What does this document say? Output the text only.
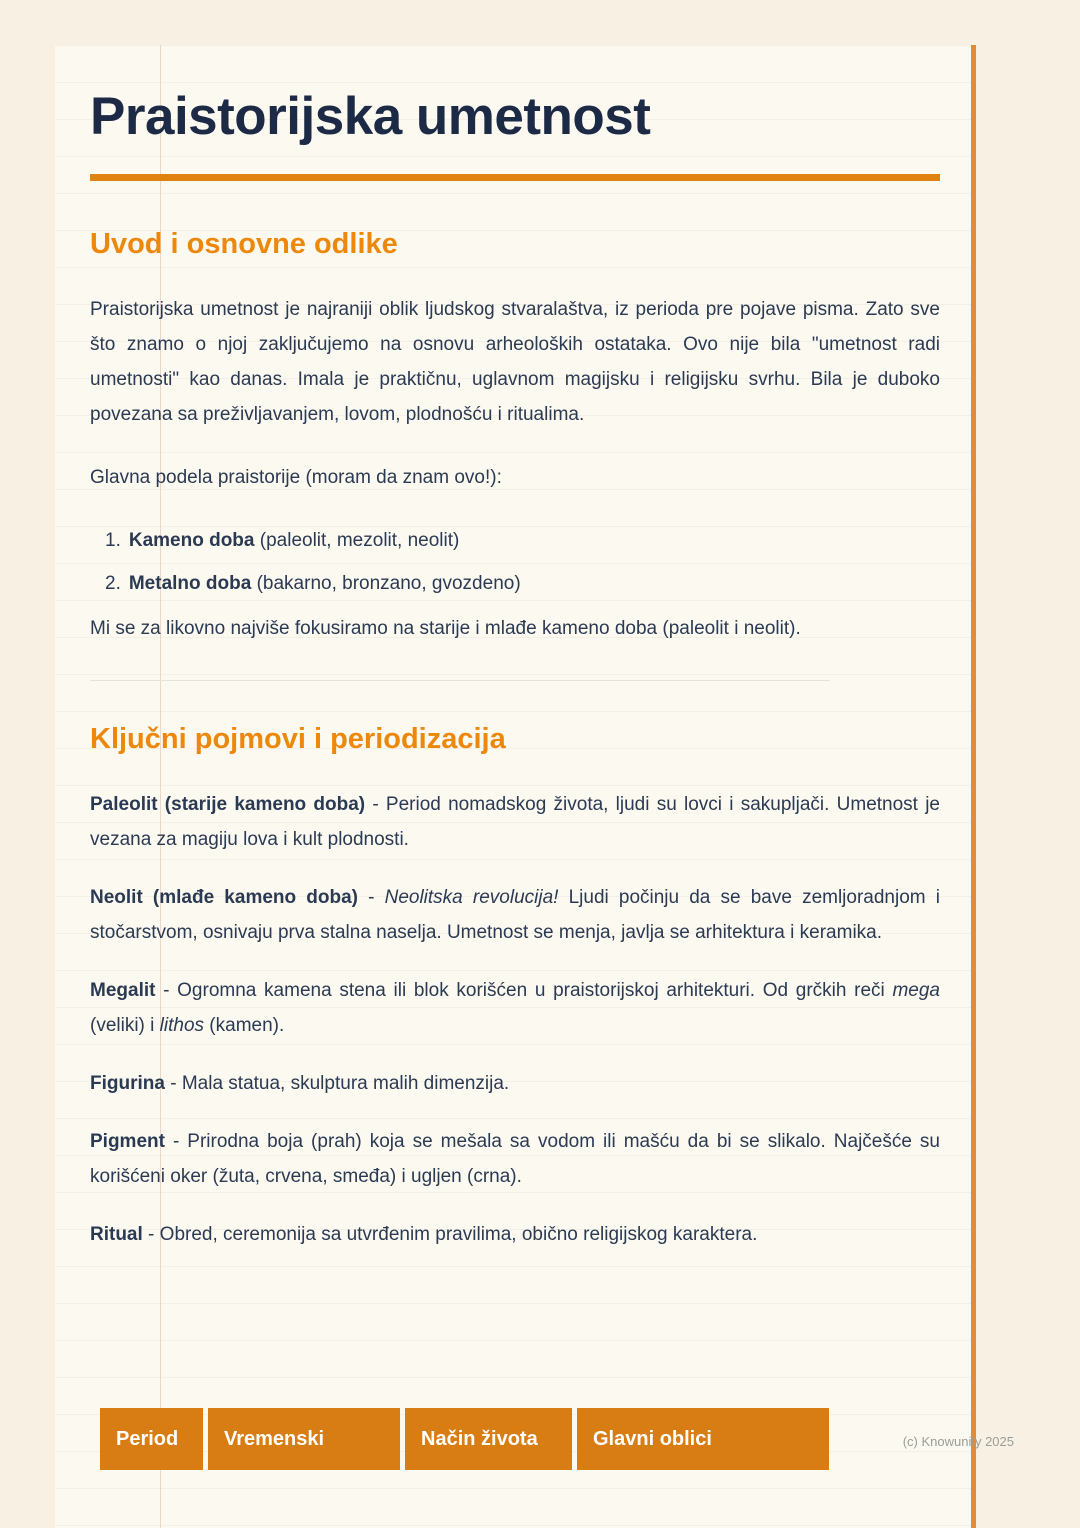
Praistorijska umetnost
Uvod i osnovne odlike

Praistorijska umetnost je najraniji oblik ljudskog stvaralaštva, iz perioda pre pojave pisma. Zato sve što znamo o njoj zaključujemo na osnovu arheoloških ostataka. Ovo nije bila "umetnost radi umetnosti" kao danas. Imala je praktičnu, uglavnom magijsku i religijsku svrhu. Bila je duboko povezana sa preživljavanjem, lovom, plodnošću i ritualima.

Glavna podela praistorije (moram da znam ovo!):

1. Kameno doba (paleolit, mezolit, neolit)
2. Metalno doba (bakarno, bronzano, gvozdeno)

Mi se za likovno najviše fokusiramo na starije i mlađe kameno doba (paleolit i neolit).

Ključni pojmovi i periodizacija

Paleolit (starije kameno doba) - Period nomadskog života, ljudi su lovci i sakupljači. Umetnost je vezana za magiju lova i kult plodnosti.

Neolit (mlađe kameno doba) - Neolitska revolucija! Ljudi počinju da se bave zemljoradnjom i stočarstvom, osnivaju prva stalna naselja. Umetnost se menja, javlja se arhitektura i keramika.

Megalit - Ogromna kamena stena ili blok korišćen u praistorijskoj arhitekturi. Od grčkih reči mega (veliki) i lithos (kamen).

Figurina - Mala statua, skulptura malih dimenzija.

Pigment - Prirodna boja (prah) koja se mešala sa vodom ili mašću da bi se slikalo. Najčešće su korišćeni oker (žuta, crvena, smeđa) i ugljen (crna).

Ritual - Obred, ceremonija sa utvrđenim pravilima, obično religijskog karaktera.

Period	Vremenski	Način života	Glavni oblici	(c) Knowunity 2025
